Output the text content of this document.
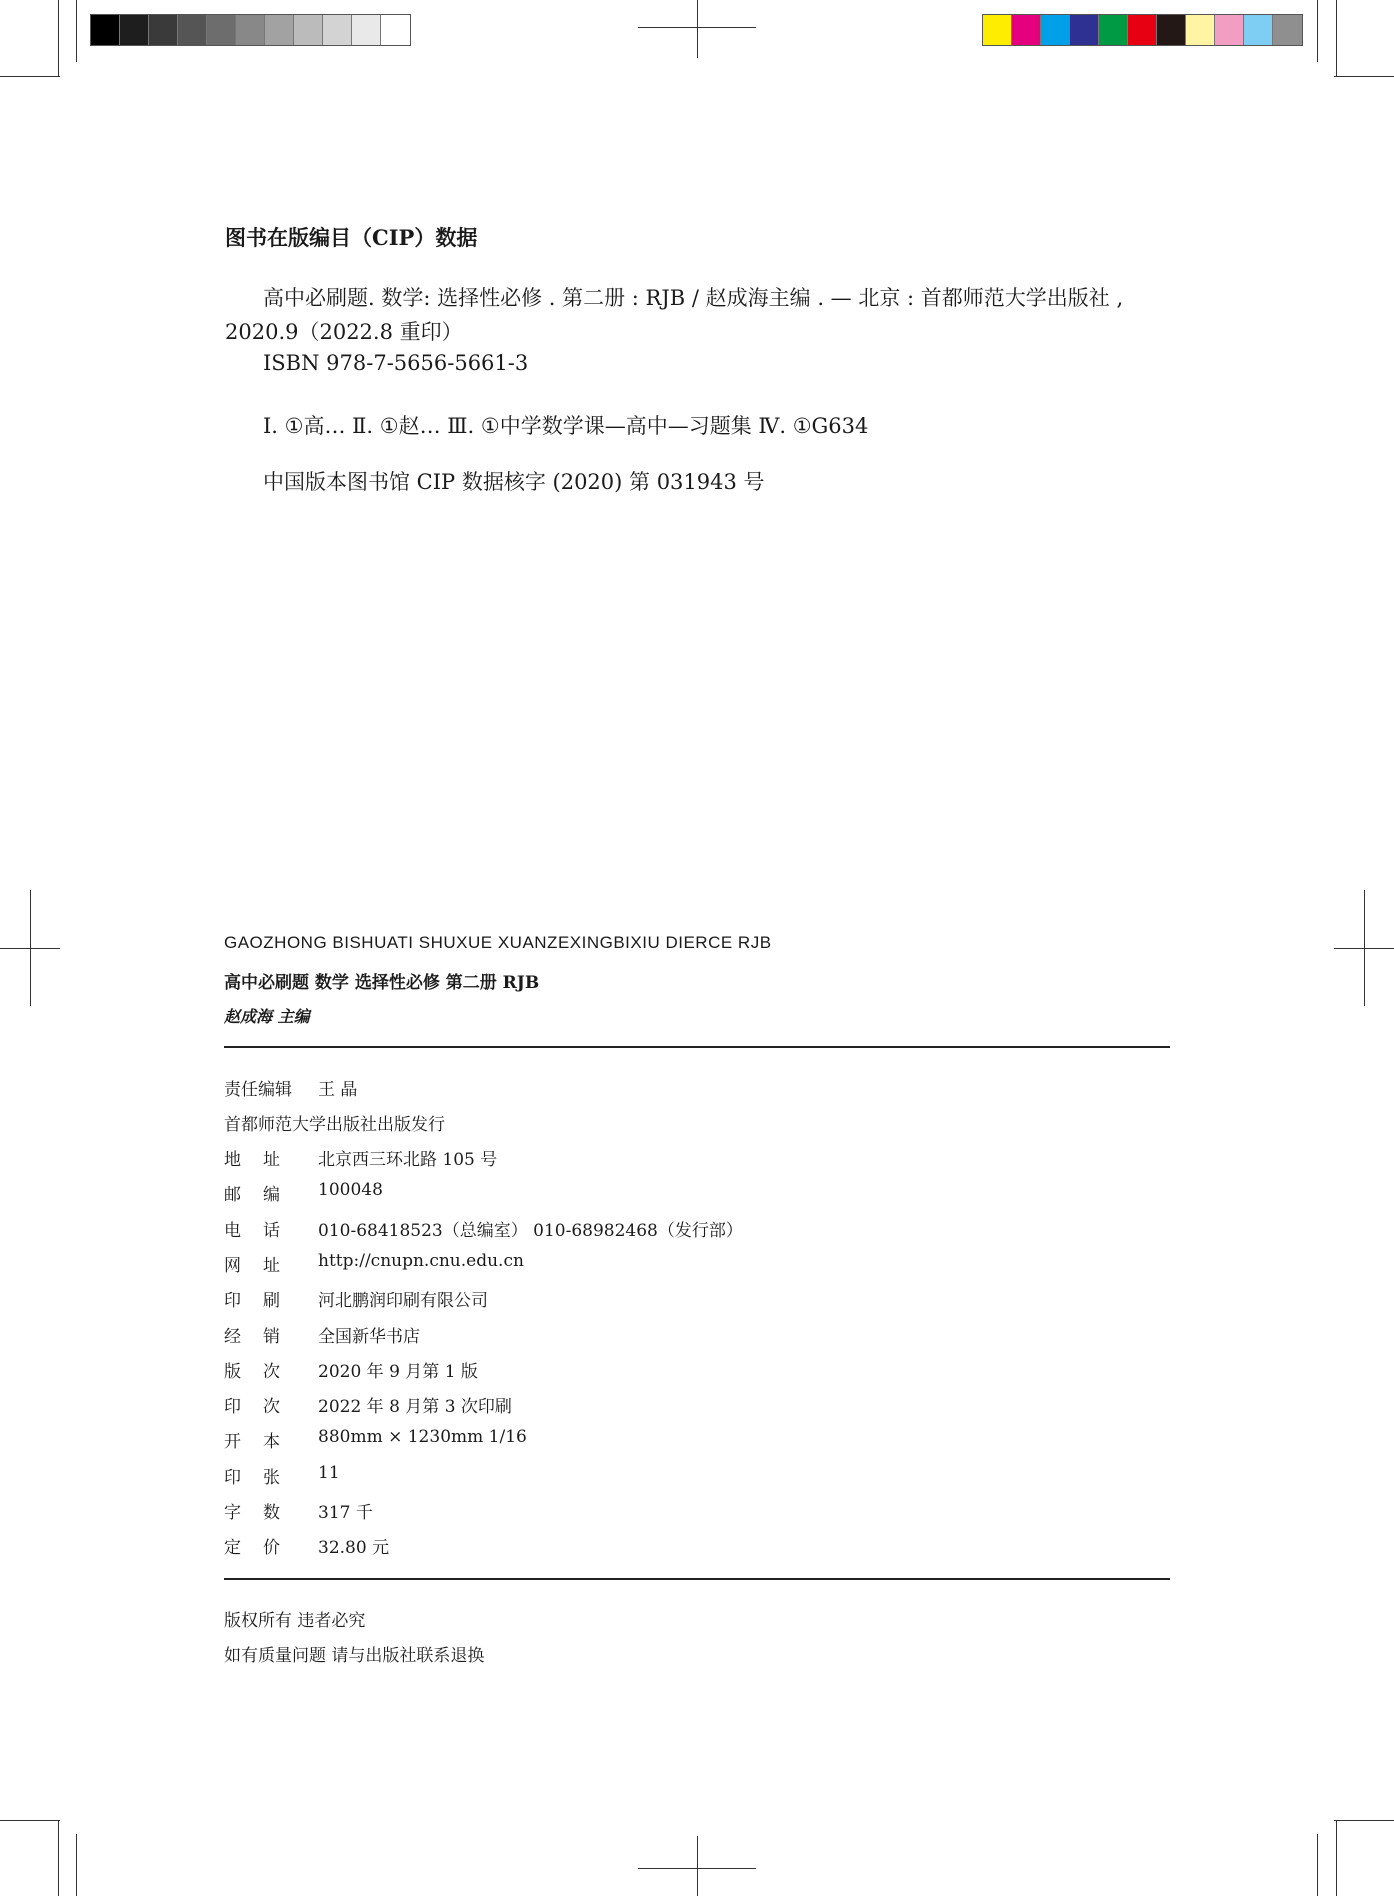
图书在版编目（CIP）数据
高中必刷题. 数学: 选择性必修 . 第二册 : RJB / 赵成海主编 . — 北京 : 首都师范大学出版社 ,
2020.9（2022.8 重印）
ISBN 978-7-5656-5661-3
Ⅰ. ①高… Ⅱ. ①赵… Ⅲ. ①中学数学课—高中—习题集 Ⅳ. ①G634
中国版本图书馆 CIP 数据核字 (2020) 第 031943 号
GAOZHONG BISHUATI SHUXUE XUANZEXINGBIXIU DIERCE RJB
高中必刷题 数学 选择性必修 第二册 RJB
赵成海 主编
责任编辑	王 晶
首都师范大学出版社出版发行
地 址 北京西三环北路 105 号
邮 编 100048
电 话 010-68418523（总编室） 010-68982468（发行部）
网 址 http://cnupn.cnu.edu.cn
印 刷 河北鹏润印刷有限公司
经 销 全国新华书店
版 次 2020 年 9 月第 1 版
印 次 2022 年 8 月第 3 次印刷
开 本 880mm × 1230mm 1/16
印 张 11
字 数 317 千
定 价 32.80 元
版权所有 违者必究
如有质量问题 请与出版社联系退换
